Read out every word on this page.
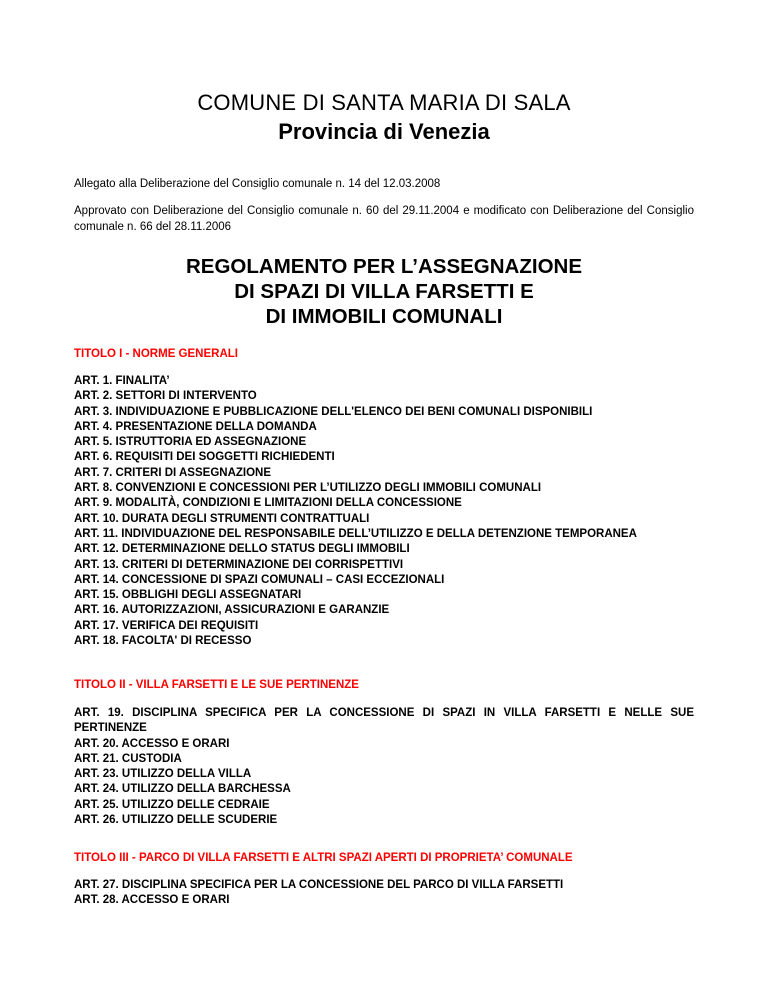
COMUNE DI SANTA MARIA DI SALA
Provincia di Venezia
Allegato alla Deliberazione del Consiglio comunale n. 14 del 12.03.2008
Approvato con Deliberazione del Consiglio comunale n. 60 del 29.11.2004 e modificato con Deliberazione del Consiglio comunale n. 66 del 28.11.2006
REGOLAMENTO PER L’ASSEGNAZIONE
DI SPAZI DI VILLA FARSETTI E
DI IMMOBILI COMUNALI
TITOLO I - NORME GENERALI
ART. 1. FINALITA’
ART. 2. SETTORI DI INTERVENTO
ART. 3. INDIVIDUAZIONE E PUBBLICAZIONE DELL'ELENCO DEI BENI COMUNALI DISPONIBILI
ART. 4. PRESENTAZIONE DELLA DOMANDA
ART. 5. ISTRUTTORIA ED ASSEGNAZIONE
ART. 6. REQUISITI DEI SOGGETTI RICHIEDENTI
ART. 7. CRITERI DI ASSEGNAZIONE
ART. 8. CONVENZIONI E CONCESSIONI PER L’UTILIZZO DEGLI IMMOBILI COMUNALI
ART. 9. MODALITÀ, CONDIZIONI E LIMITAZIONI DELLA CONCESSIONE
ART. 10. DURATA DEGLI STRUMENTI CONTRATTUALI
ART. 11. INDIVIDUAZIONE DEL RESPONSABILE DELL’UTILIZZO E DELLA DETENZIONE TEMPORANEA
ART. 12. DETERMINAZIONE DELLO STATUS DEGLI IMMOBILI
ART. 13. CRITERI DI DETERMINAZIONE DEI CORRISPETTIVI
ART. 14. CONCESSIONE DI SPAZI COMUNALI – CASI ECCEZIONALI
ART. 15. OBBLIGHI DEGLI ASSEGNATARI
ART. 16. AUTORIZZAZIONI, ASSICURAZIONI E GARANZIE
ART. 17. VERIFICA DEI REQUISITI
ART. 18. FACOLTA' DI RECESSO
TITOLO II - VILLA FARSETTI E LE SUE PERTINENZE
ART. 19. DISCIPLINA SPECIFICA PER LA CONCESSIONE DI SPAZI IN VILLA FARSETTI E NELLE SUE PERTINENZE
ART. 20. ACCESSO E ORARI
ART. 21. CUSTODIA
ART. 23. UTILIZZO DELLA VILLA
ART. 24. UTILIZZO DELLA BARCHESSA
ART. 25. UTILIZZO DELLE CEDRAIE
ART. 26. UTILIZZO DELLE SCUDERIE
TITOLO III - PARCO DI VILLA FARSETTI E ALTRI SPAZI APERTI DI PROPRIETA’ COMUNALE
ART. 27. DISCIPLINA SPECIFICA PER LA CONCESSIONE DEL PARCO DI VILLA FARSETTI
ART. 28. ACCESSO E ORARI
